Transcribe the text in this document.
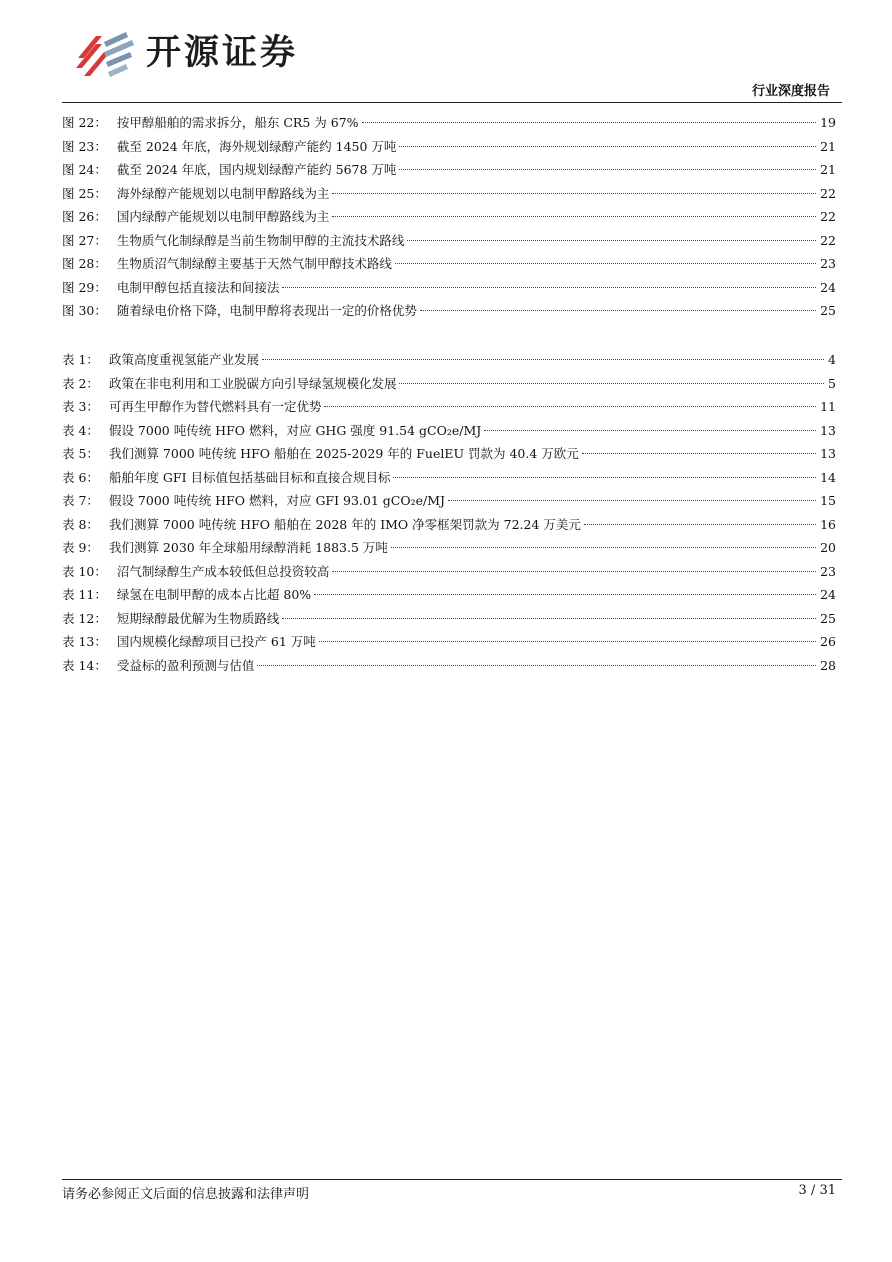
开源证券
行业深度报告
图 22： 按甲醇船舶的需求拆分，船东 CR5 为 67%	19
图 23： 截至 2024 年底，海外规划绿醇产能约 1450 万吨	21
图 24： 截至 2024 年底，国内规划绿醇产能约 5678 万吨	21
图 25： 海外绿醇产能规划以电制甲醇路线为主	22
图 26： 国内绿醇产能规划以电制甲醇路线为主	22
图 27： 生物质气化制绿醇是当前生物制甲醇的主流技术路线	22
图 28： 生物质沼气制绿醇主要基于天然气制甲醇技术路线	23
图 29： 电制甲醇包括直接法和间接法	24
图 30： 随着绿电价格下降，电制甲醇将表现出一定的价格优势	25
表 1： 政策高度重视氢能产业发展	4
表 2： 政策在非电利用和工业脱碳方向引导绿氢规模化发展	5
表 3： 可再生甲醇作为替代燃料具有一定优势	11
表 4： 假设 7000 吨传统 HFO 燃料，对应 GHG 强度 91.54 gCO₂e/MJ	13
表 5： 我们测算 7000 吨传统 HFO 船舶在 2025-2029 年的 FuelEU 罚款为 40.4 万欧元	13
表 6： 船舶年度 GFI 目标值包括基础目标和直接合规目标	14
表 7： 假设 7000 吨传统 HFO 燃料，对应 GFI 93.01 gCO₂e/MJ	15
表 8： 我们测算 7000 吨传统 HFO 船舶在 2028 年的 IMO 净零框架罚款为 72.24 万美元	16
表 9： 我们测算 2030 年全球船用绿醇消耗 1883.5 万吨	20
表 10： 沼气制绿醇生产成本较低但总投资较高	23
表 11： 绿氢在电制甲醇的成本占比超 80%	24
表 12： 短期绿醇最优解为生物质路线	25
表 13： 国内规模化绿醇项目已投产 61 万吨	26
表 14： 受益标的盈利预测与估值	28
请务必参阅正文后面的信息披露和法律声明	3 / 31
